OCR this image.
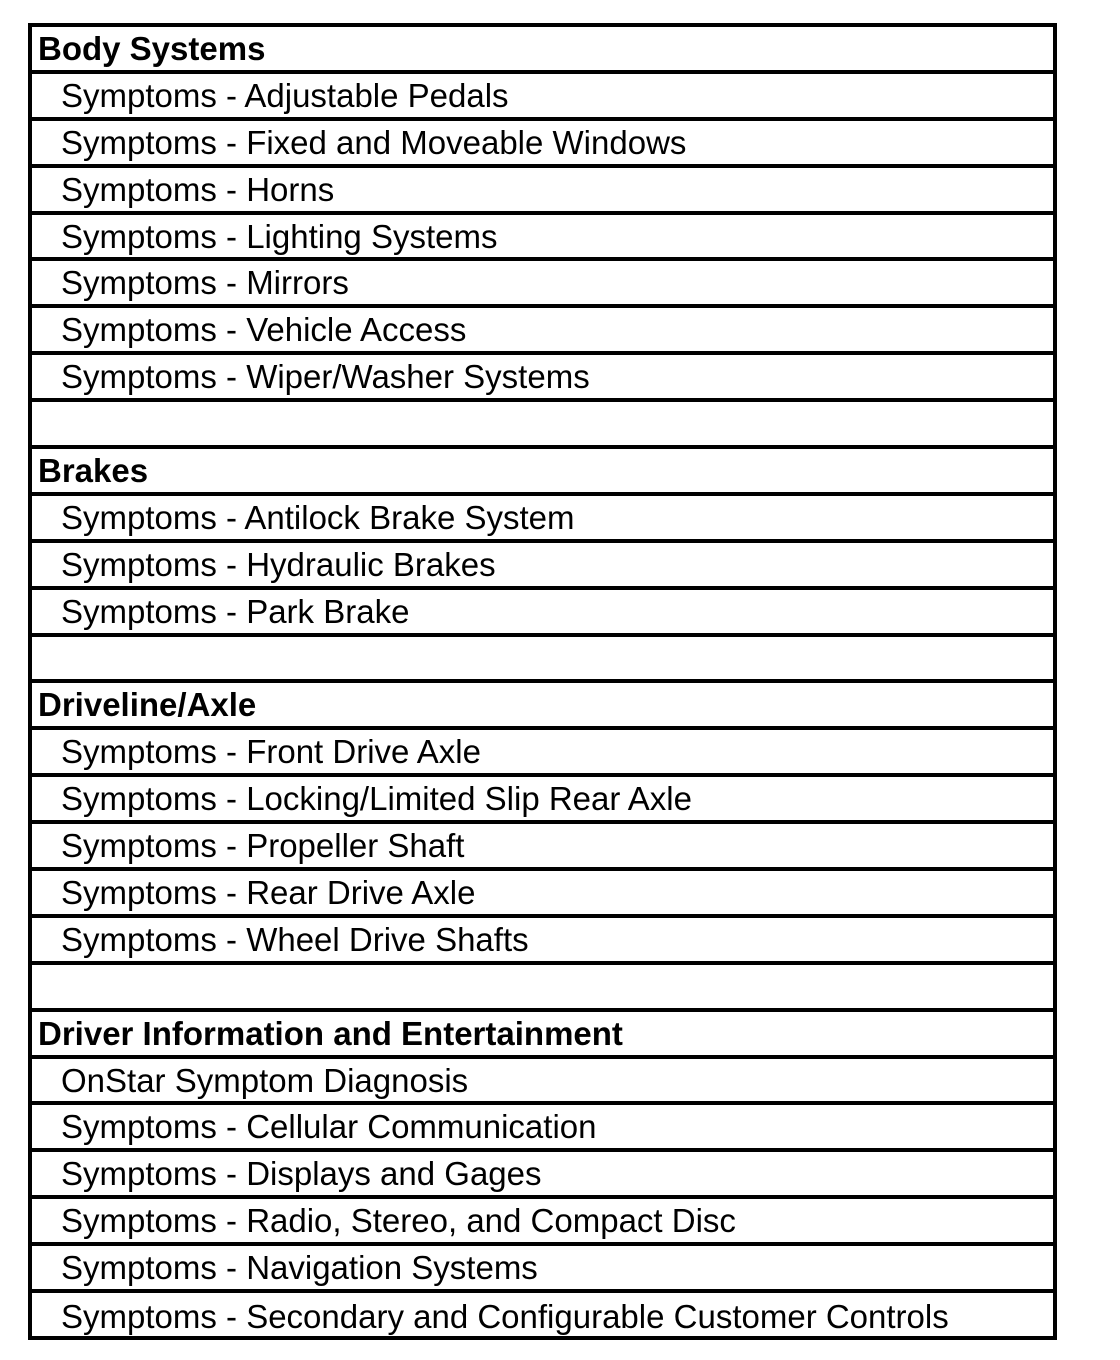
Body Systems
Symptoms - Adjustable Pedals
Symptoms - Fixed and Moveable Windows
Symptoms - Horns
Symptoms - Lighting Systems
Symptoms - Mirrors
Symptoms - Vehicle Access
Symptoms - Wiper/Washer Systems
Brakes
Symptoms - Antilock Brake System
Symptoms - Hydraulic Brakes
Symptoms - Park Brake
Driveline/Axle
Symptoms - Front Drive Axle
Symptoms - Locking/Limited Slip Rear Axle
Symptoms - Propeller Shaft
Symptoms - Rear Drive Axle
Symptoms - Wheel Drive Shafts
Driver Information and Entertainment
OnStar Symptom Diagnosis
Symptoms - Cellular Communication
Symptoms - Displays and Gages
Symptoms - Radio, Stereo, and Compact Disc
Symptoms - Navigation Systems
Symptoms - Secondary and Configurable Customer Controls
